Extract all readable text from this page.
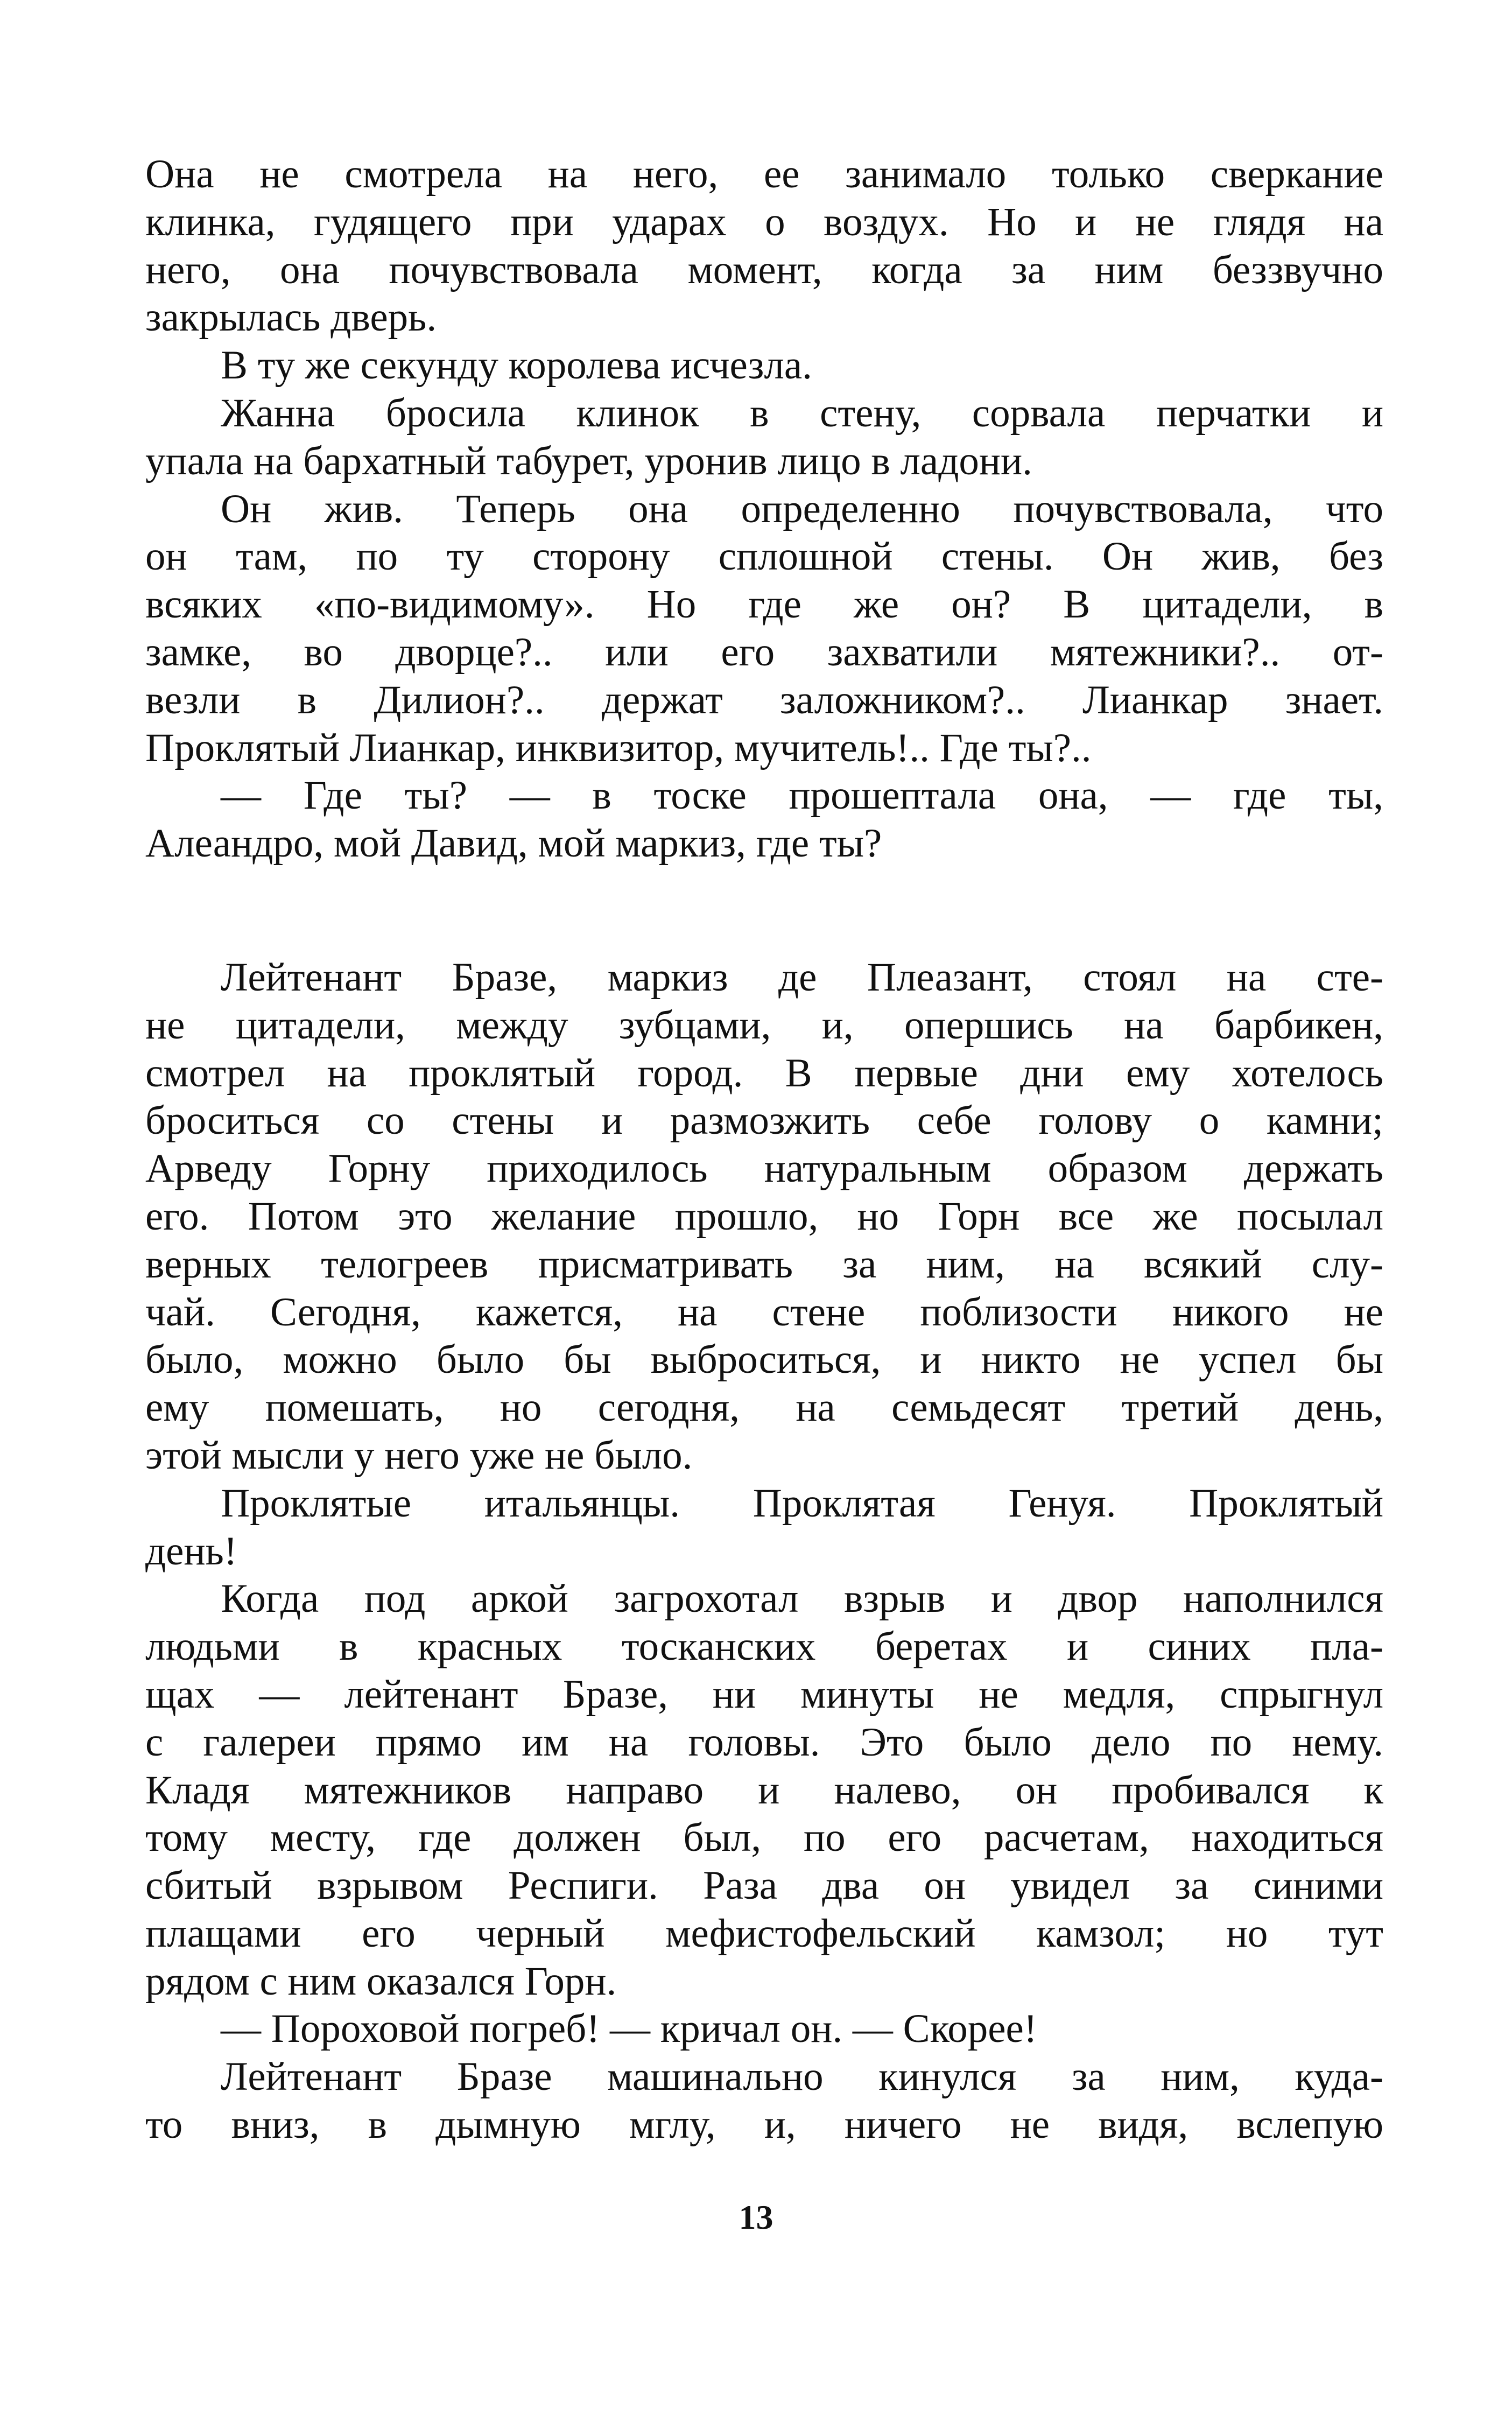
Она не смотрела на него, ее занимало только сверкание
клинка, гудящего при ударах о воздух. Но и не глядя на
него, она почувствовала момент, когда за ним беззвучно
закрылась дверь.
В ту же секунду королева исчезла.
Жанна бросила клинок в стену, сорвала перчатки и
упала на бархатный табурет, уронив лицо в ладони.
Он жив. Теперь она определенно почувствовала, что
он там, по ту сторону сплошной стены. Он жив, без
всяких «по-видимому». Но где же он? В цитадели, в
замке, во дворце?.. или его захватили мятежники?.. от-
везли в Дилион?.. держат заложником?.. Лианкар знает.
Проклятый Лианкар, инквизитор, мучитель!.. Где ты?..
— Где ты? — в тоске прошептала она, — где ты,
Алеандро, мой Давид, мой маркиз, где ты?
Лейтенант Бразе, маркиз де Плеазант, стоял на сте-
не цитадели, между зубцами, и, опершись на барбикен,
смотрел на проклятый город. В первые дни ему хотелось
броситься со стены и размозжить себе голову о камни;
Арведу Горну приходилось натуральным образом держать
его. Потом это желание прошло, но Горн все же посылал
верных телогреев присматривать за ним, на всякий слу-
чай. Сегодня, кажется, на стене поблизости никого не
было, можно было бы выброситься, и никто не успел бы
ему помешать, но сегодня, на семьдесят третий день,
этой мысли у него уже не было.
Проклятые итальянцы. Проклятая Генуя. Проклятый
день!
Когда под аркой загрохотал взрыв и двор наполнился
людьми в красных тосканских беретах и синих пла-
щах — лейтенант Бразе, ни минуты не медля, спрыгнул
с галереи прямо им на головы. Это было дело по нему.
Кладя мятежников направо и налево, он пробивался к
тому месту, где должен был, по его расчетам, находиться
сбитый взрывом Респиги. Раза два он увидел за синими
плащами его черный мефистофельский камзол; но тут
рядом с ним оказался Горн.
— Пороховой погреб! — кричал он. — Скорее!
Лейтенант Бразе машинально кинулся за ним, куда-
то вниз, в дымную мглу, и, ничего не видя, вслепую
13
